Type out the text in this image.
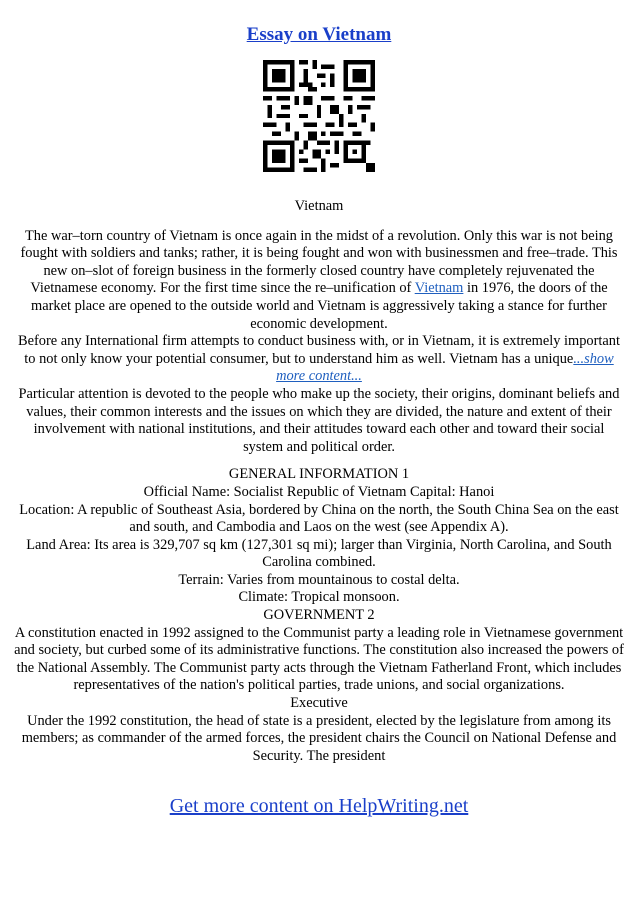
Essay on Vietnam

Vietnam

The war–torn country of Vietnam is once again in the midst of a revolution. Only this war is not being fought with soldiers and tanks; rather, it is being fought and won with businessmen and free–trade. This new on–slot of foreign business in the formerly closed country have completely rejuvenated the Vietnamese economy. For the first time since the re–unification of Vietnam in 1976, the doors of the market place are opened to the outside world and Vietnam is aggressively taking a stance for further economic development.

Before any International firm attempts to conduct business with, or in Vietnam, it is extremely important to not only know your potential consumer, but to understand him as well. Vietnam has a unique...show more content...

Particular attention is devoted to the people who make up the society, their origins, dominant beliefs and values, their common interests and the issues on which they are divided, the nature and extent of their involvement with national institutions, and their attitudes toward each other and toward their social system and political order.

GENERAL INFORMATION 1

Official Name: Socialist Republic of Vietnam Capital: Hanoi

Location: A republic of Southeast Asia, bordered by China on the north, the South China Sea on the east and south, and Cambodia and Laos on the west (see Appendix A).

Land Area: Its area is 329,707 sq km (127,301 sq mi); larger than Virginia, North Carolina, and South Carolina combined.

Terrain: Varies from mountainous to costal delta.

Climate: Tropical monsoon.

GOVERNMENT 2

A constitution enacted in 1992 assigned to the Communist party a leading role in Vietnamese government and society, but curbed some of its administrative functions. The constitution also increased the powers of the National Assembly. The Communist party acts through the Vietnam Fatherland Front, which includes representatives of the nation's political parties, trade unions, and social organizations.

Executive

Under the 1992 constitution, the head of state is a president, elected by the legislature from among its members; as commander of the armed forces, the president chairs the Council on National Defense and Security. The president

Get more content on HelpWriting.net
